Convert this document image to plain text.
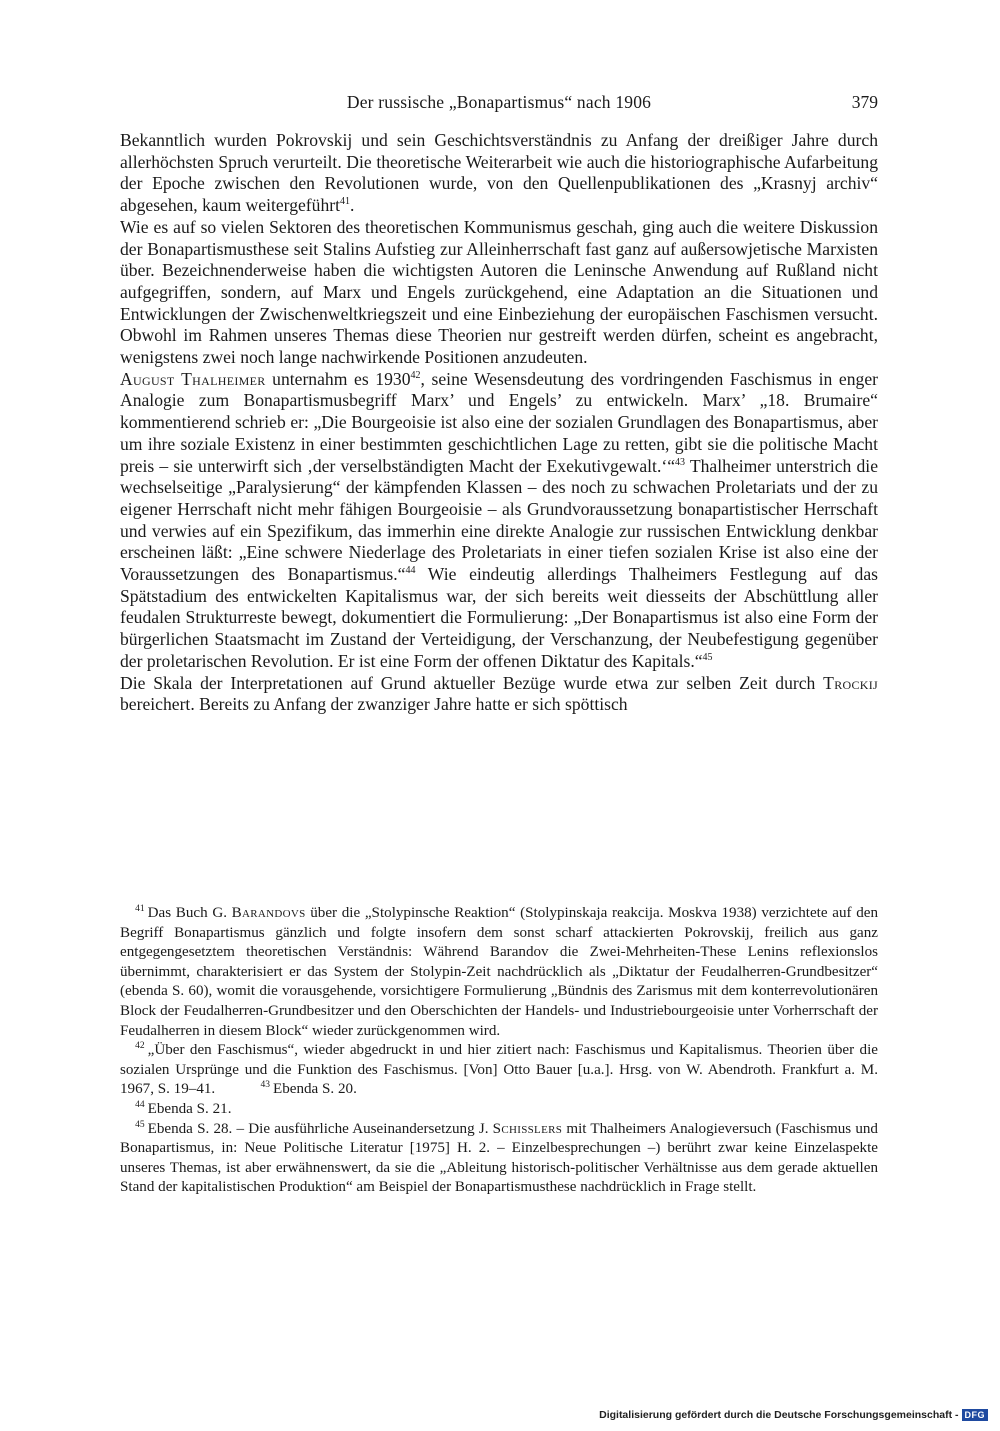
Der russische „Bonapartismus“ nach 1906	379

Bekanntlich wurden Pokrovskij und sein Geschichtsverständnis zu Anfang der dreißiger Jahre durch allerhöchsten Spruch verurteilt. Die theoretische Weiterarbeit wie auch die historiographische Aufarbeitung der Epoche zwischen den Revolutionen wurde, von den Quellenpublikationen des „Krasnyj archiv“ abgesehen, kaum weitergeführt$^{41}$.

Wie es auf so vielen Sektoren des theoretischen Kommunismus geschah, ging auch die weitere Diskussion der Bonapartismusthese seit Stalins Aufstieg zur Alleinherrschaft fast ganz auf außersowjetische Marxisten über. Bezeichnenderweise haben die wichtigsten Autoren die Leninsche Anwendung auf Rußland nicht aufgegriffen, sondern, auf Marx und Engels zurückgehend, eine Adaptation an die Situationen und Entwicklungen der Zwischenweltkriegszeit und eine Einbeziehung der europäischen Faschismen versucht. Obwohl im Rahmen unseres Themas diese Theorien nur gestreift werden dürfen, scheint es angebracht, wenigstens zwei noch lange nachwirkende Positionen anzudeuten.

August Thalheimer unternahm es 1930$^{42}$, seine Wesensdeutung des vordringenden Faschismus in enger Analogie zum Bonapartismusbegriff Marx’ und Engels’ zu entwickeln. Marx’ „18. Brumaire“ kommentierend schrieb er: „Die Bourgeoisie ist also eine der sozialen Grundlagen des Bonapartismus, aber um ihre soziale Existenz in einer bestimmten geschichtlichen Lage zu retten, gibt sie die politische Macht preis – sie unterwirft sich ‚der verselbständigten Macht der Exekutivgewalt.‘“$^{43}$ Thalheimer unterstrich die wechselseitige „Paralysierung“ der kämpfenden Klassen – des noch zu schwachen Proletariats und der zu eigener Herrschaft nicht mehr fähigen Bourgeoisie – als Grundvoraussetzung bonapartistischer Herrschaft und verwies auf ein Spezifikum, das immerhin eine direkte Analogie zur russischen Entwicklung denkbar erscheinen läßt: „Eine schwere Niederlage des Proletariats in einer tiefen sozialen Krise ist also eine der Voraussetzungen des Bonapartismus.“$^{44}$ Wie eindeutig allerdings Thalheimers Festlegung auf das Spätstadium des entwickelten Kapitalismus war, der sich bereits weit diesseits der Abschüttlung aller feudalen Strukturreste bewegt, dokumentiert die Formulierung: „Der Bonapartismus ist also eine Form der bürgerlichen Staatsmacht im Zustand der Verteidigung, der Verschanzung, der Neubefestigung gegenüber der proletarischen Revolution. Er ist eine Form der offenen Diktatur des Kapitals.“$^{45}$

Die Skala der Interpretationen auf Grund aktueller Bezüge wurde etwa zur selben Zeit durch Trockij bereichert. Bereits zu Anfang der zwanziger Jahre hatte er sich spöttisch

 $^{41}$  Das Buch G. Barandovs über die „Stolypinsche Reaktion“ (Stolypinskaja reakcija. Moskva 1938) verzichtete auf den Begriff Bonapartismus gänzlich und folgte insofern dem sonst scharf attackierten Pokrovskij, freilich aus ganz entgegengesetztem theoretischen Verständnis: Während Barandov die Zwei-Mehrheiten-These Lenins reflexionslos übernimmt, charakterisiert er das System der Stolypin-Zeit nachdrücklich als „Diktatur der Feudalherren-Grundbesitzer“ (ebenda S. 60), womit die vorausgehende, vorsichtigere Formulierung „Bündnis des Zarismus mit dem konterrevolutionären Block der Feudalherren-Grundbesitzer und den Oberschichten der Handels- und Industriebourgeoisie unter Vorherrschaft der Feudalherren in diesem Block“ wieder zurückgenommen wird.

 $^{42}$  „Über den Faschismus“, wieder abgedruckt in und hier zitiert nach: Faschismus und Kapitalismus. Theorien über die sozialen Ursprünge und die Funktion des Faschismus. [Von] Otto Bauer [u.a.]. Hrsg. von W. Abendroth. Frankfurt a. M. 1967, S. 19–41.   	$^{43}$  Ebenda S. 20.

 $^{44}$  Ebenda S. 21.

 $^{45}$  Ebenda S. 28. – Die ausführliche Auseinandersetzung J. Schisslers mit Thalheimers Analogieversuch (Faschismus und Bonapartismus, in: Neue Politische Literatur [1975] H. 2. – Einzelbesprechungen –) berührt zwar keine Einzelaspekte unseres Themas, ist aber erwähnenswert, da sie die „Ableitung historisch-politischer Verhältnisse aus dem gerade aktuellen Stand der kapitalistischen Produktion“ am Beispiel der Bonapartismusthese nachdrücklich in Frage stellt.

Digitalisierung gefördert durch die Deutsche Forschungsgemeinschaft - DFG
